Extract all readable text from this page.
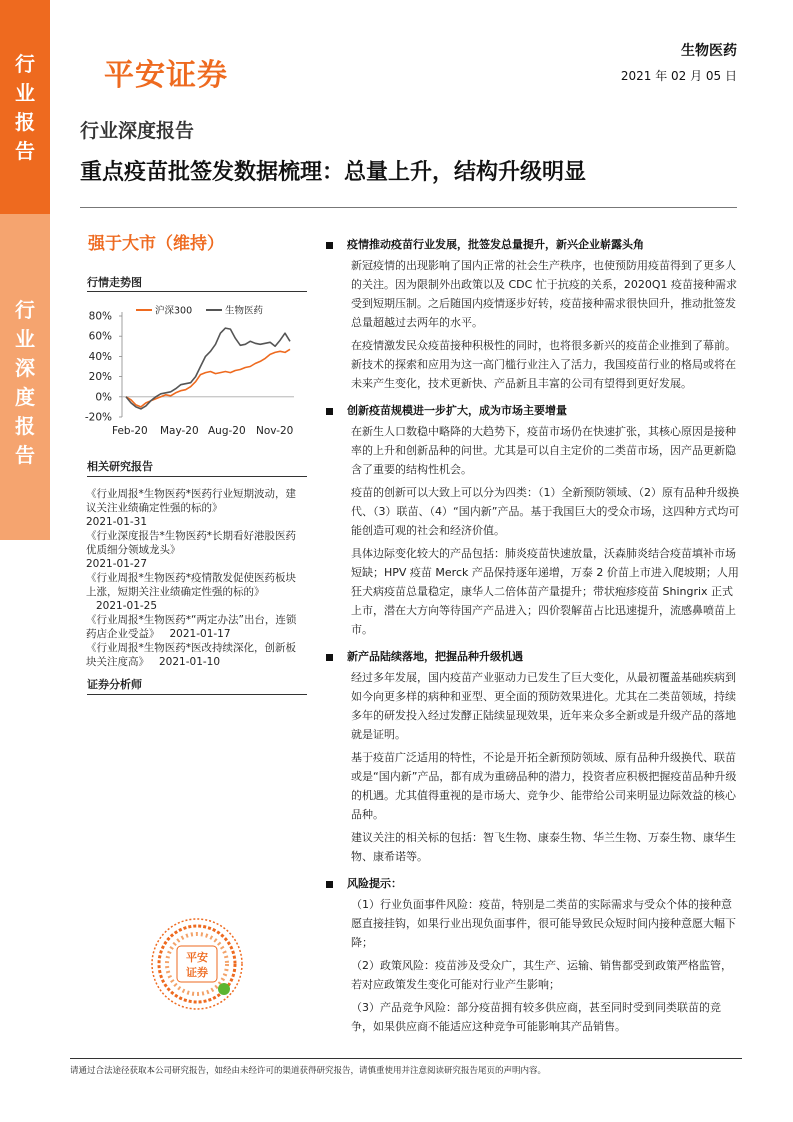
行
业
报
告
行
业
深
度
报
告
平安证券
生物医药
2021 年 02 月 05 日
行业深度报告
重点疫苗批签发数据梳理：总量上升，结构升级明显
强于大市（维持）
行情走势图
80%
60%
40%
20%
0%
-20%
Feb-20 May-20 Aug-20 Nov-20
沪深300	生物医药
相关研究报告
《行业周报*生物医药*医药行业短期波动，建议关注业绩确定性强的标的》
2021-01-31
《行业深度报告*生物医药*长期看好港股医药优质细分领域龙头》
2021-01-27
《行业周报*生物医药*疫情散发促使医药板块上涨，短期关注业绩确定性强的标的》2021-01-25
《行业周报*生物医药*“两定办法”出台，连锁药店企业受益》 2021-01-17
《行业周报*生物医药*医改持续深化，创新板块关注度高》 2021-01-10
证券分析师
平安
证券
疫情推动疫苗行业发展，批签发总量提升，新兴企业崭露头角

新冠疫情的出现影响了国内正常的社会生产秩序，也使预防用疫苗得到了更多人的关注。因为限制外出政策以及 CDC 忙于抗疫的关系，2020Q1 疫苗接种需求受到短期压制。之后随国内疫情逐步好转，疫苗接种需求很快回升，推动批签发总量超越过去两年的水平。

在疫情激发民众疫苗接种积极性的同时，也将很多新兴的疫苗企业推到了幕前。新技术的探索和应用为这一高门槛行业注入了活力，我国疫苗行业的格局或将在未来产生变化，技术更新快、产品新且丰富的公司有望得到更好发展。

创新疫苗规模进一步扩大，成为市场主要增量

在新生人口数稳中略降的大趋势下，疫苗市场仍在快速扩张，其核心原因是接种率的上升和创新品种的问世。尤其是可以自主定价的二类苗市场，因产品更新隐含了重要的结构性机会。

疫苗的创新可以大致上可以分为四类：（1）全新预防领域、（2）原有品种升级换代、（3）联苗、（4）“国内新”产品。基于我国巨大的受众市场，这四种方式均可能创造可观的社会和经济价值。

具体边际变化较大的产品包括：肺炎疫苗快速放量，沃森肺炎结合疫苗填补市场短缺；HPV 疫苗 Merck 产品保持逐年递增，万泰 2 价苗上市进入爬坡期；人用狂犬病疫苗总量稳定，康华人二倍体苗产量提升；带状疱疹疫苗 Shingrix 正式上市，潜在大方向等待国产产品进入；四价裂解苗占比迅速提升，流感鼻喷苗上市。

新产品陆续落地，把握品种升级机遇

经过多年发展，国内疫苗产业驱动力已发生了巨大变化，从最初覆盖基础疾病到如今向更多样的病种和亚型、更全面的预防效果进化。尤其在二类苗领域，持续多年的研发投入经过发酵正陆续显现效果，近年来众多全新或是升级产品的落地就是证明。

基于疫苗广泛适用的特性，不论是开拓全新预防领域、原有品种升级换代、联苗或是“国内新”产品，都有成为重磅品种的潜力，投资者应积极把握疫苗品种升级的机遇。尤其值得重视的是市场大、竞争少、能带给公司来明显边际效益的核心品种。

建议关注的相关标的包括：智飞生物、康泰生物、华兰生物、万泰生物、康华生物、康希诺等。

风险提示：

（1）行业负面事件风险：疫苗，特别是二类苗的实际需求与受众个体的接种意愿直接挂钩，如果行业出现负面事件，很可能导致民众短时间内接种意愿大幅下降；

（2）政策风险：疫苗涉及受众广，其生产、运输、销售都受到政策严格监管，若对应政策发生变化可能对行业产生影响；

（3）产品竞争风险：部分疫苗拥有较多供应商，甚至同时受到同类联苗的竞争，如果供应商不能适应这种竞争可能影响其产品销售。

请通过合法途径获取本公司研究报告，如经由未经许可的渠道获得研究报告，请慎重使用并注意阅读研究报告尾页的声明内容。
